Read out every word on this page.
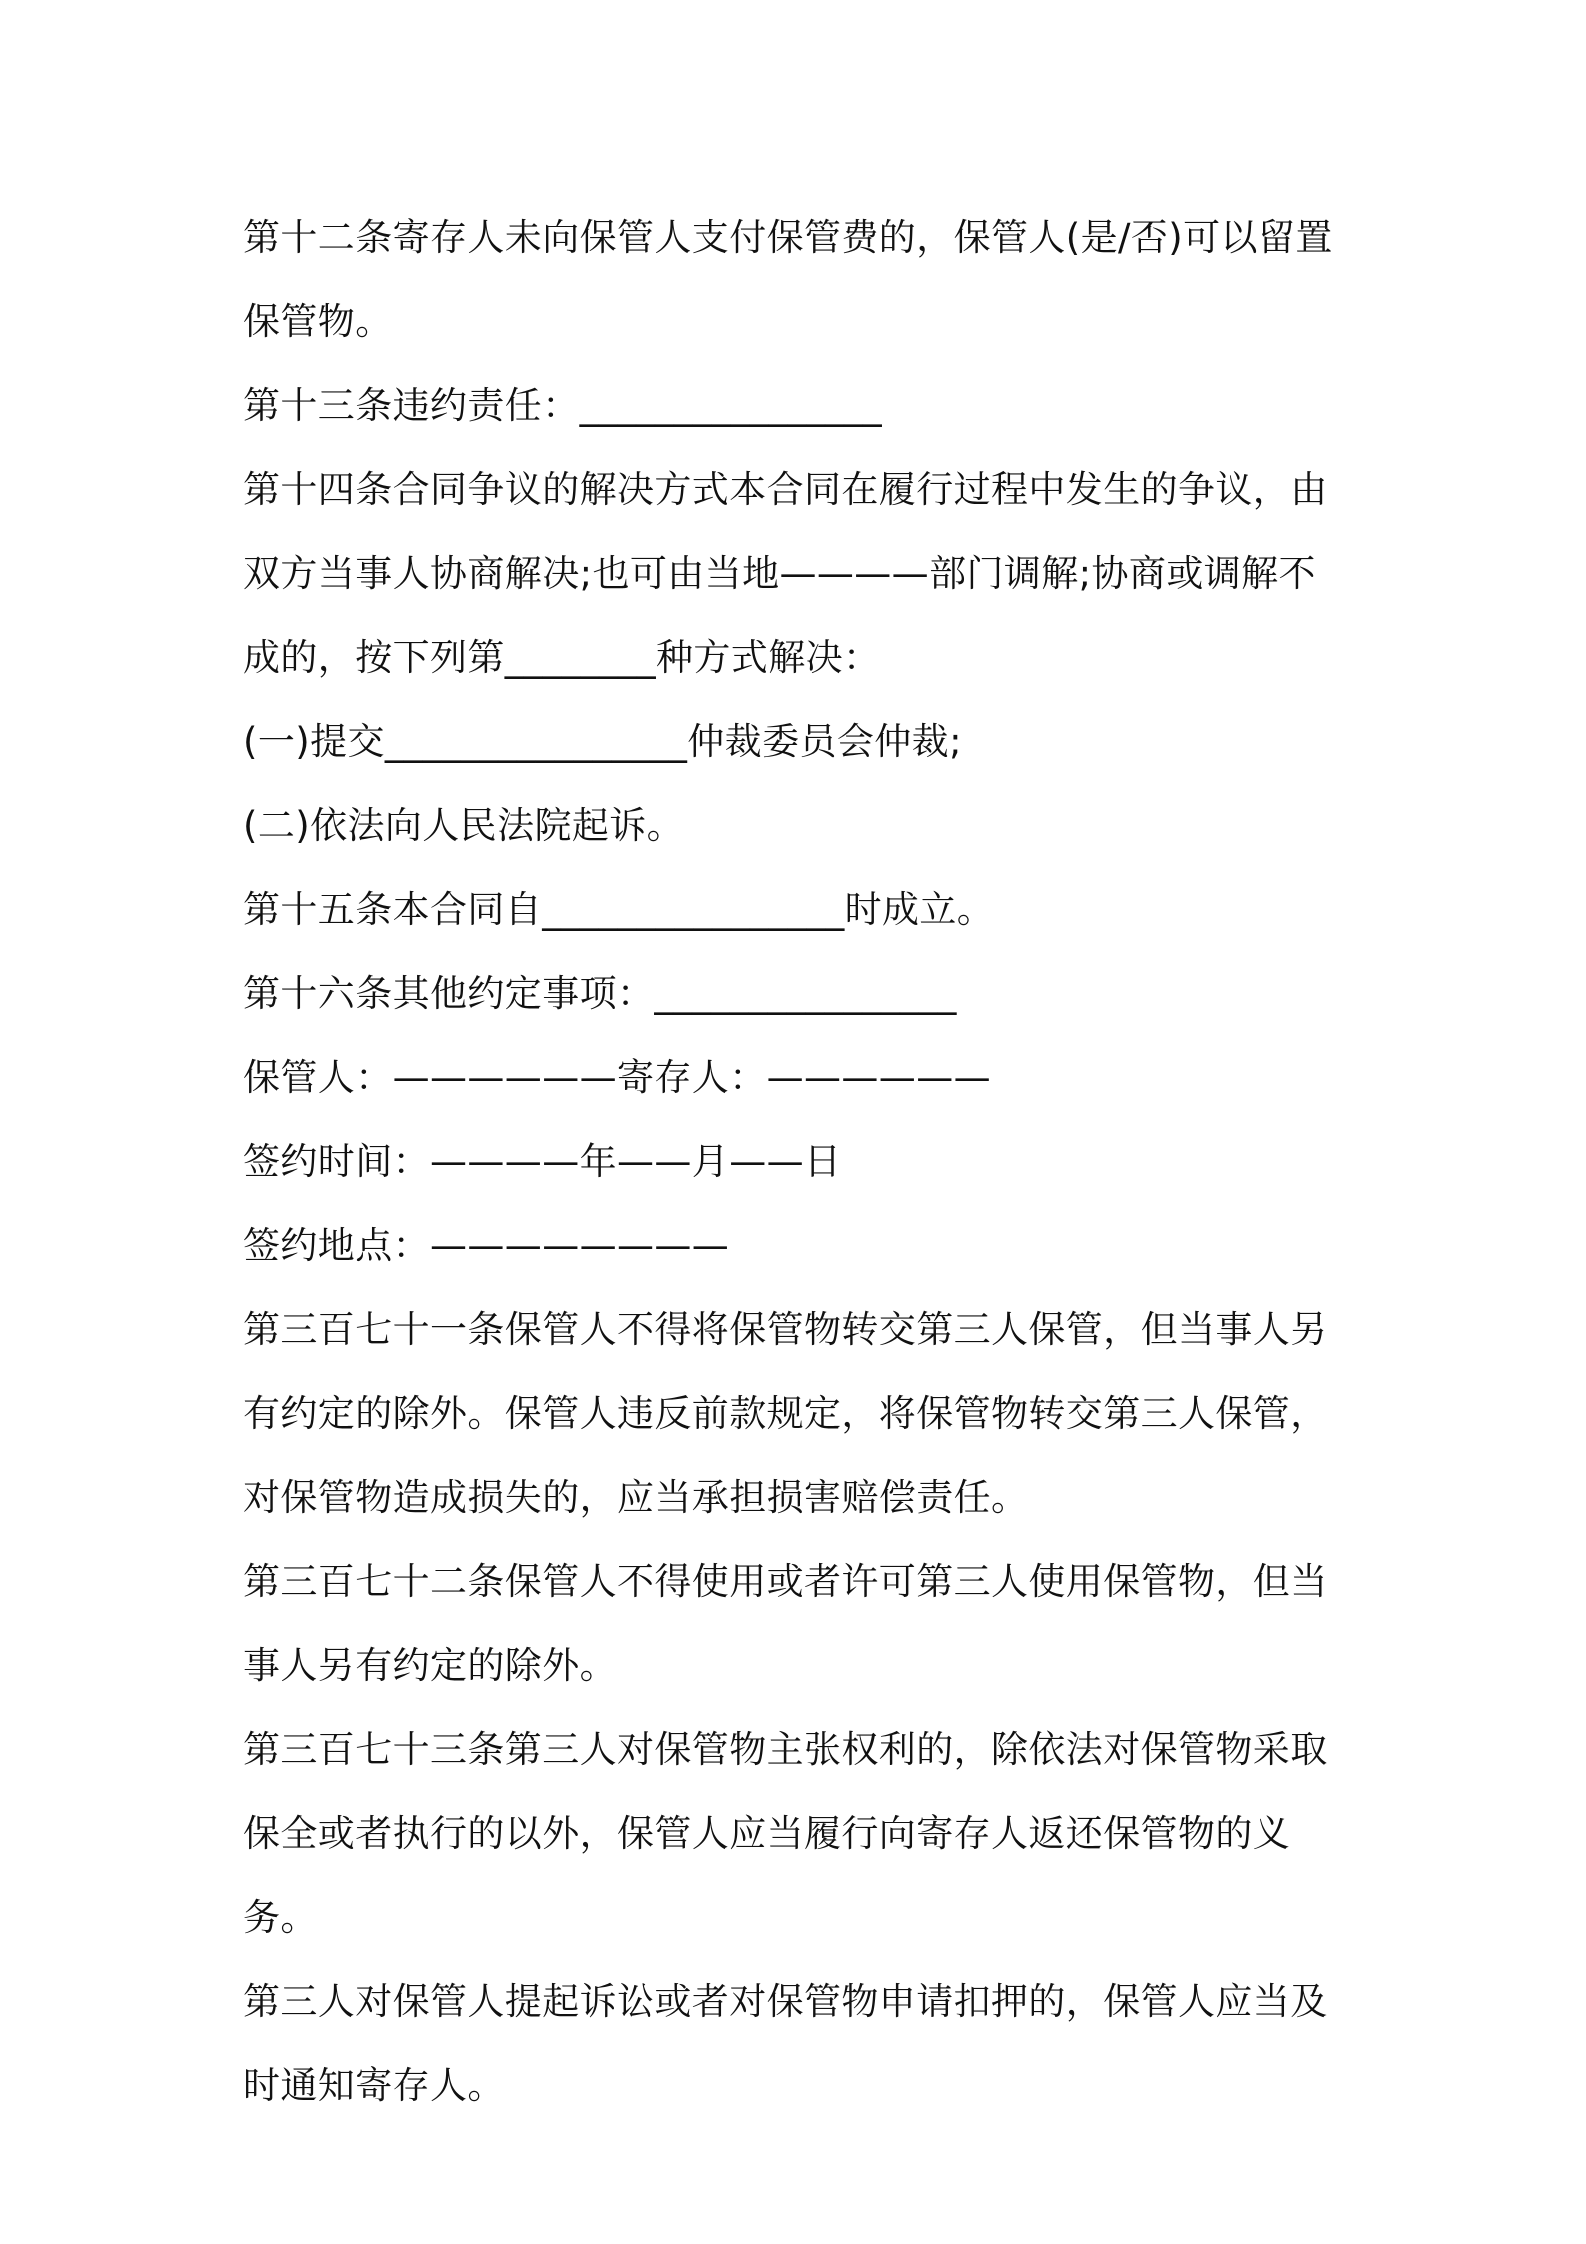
第十二条寄存人未向保管人支付保管费的，保管人(是/否)可以留置保管物。

第十三条违约责任：________________

第十四条合同争议的解决方式本合同在履行过程中发生的争议，由双方当事人协商解决;也可由当地————部门调解;协商或调解不成的，按下列第________种方式解决：

(一)提交________________仲裁委员会仲裁;

(二)依法向人民法院起诉。

第十五条本合同自________________时成立。

第十六条其他约定事项：________________

保管人：——————寄存人：——————

签约时间：————年——月——日

签约地点：————————

第三百七十一条保管人不得将保管物转交第三人保管，但当事人另有约定的除外。保管人违反前款规定，将保管物转交第三人保管，对保管物造成损失的，应当承担损害赔偿责任。

第三百七十二条保管人不得使用或者许可第三人使用保管物，但当事人另有约定的除外。

第三百七十三条第三人对保管物主张权利的，除依法对保管物采取保全或者执行的以外，保管人应当履行向寄存人返还保管物的义务。

第三人对保管人提起诉讼或者对保管物申请扣押的，保管人应当及时通知寄存人。
